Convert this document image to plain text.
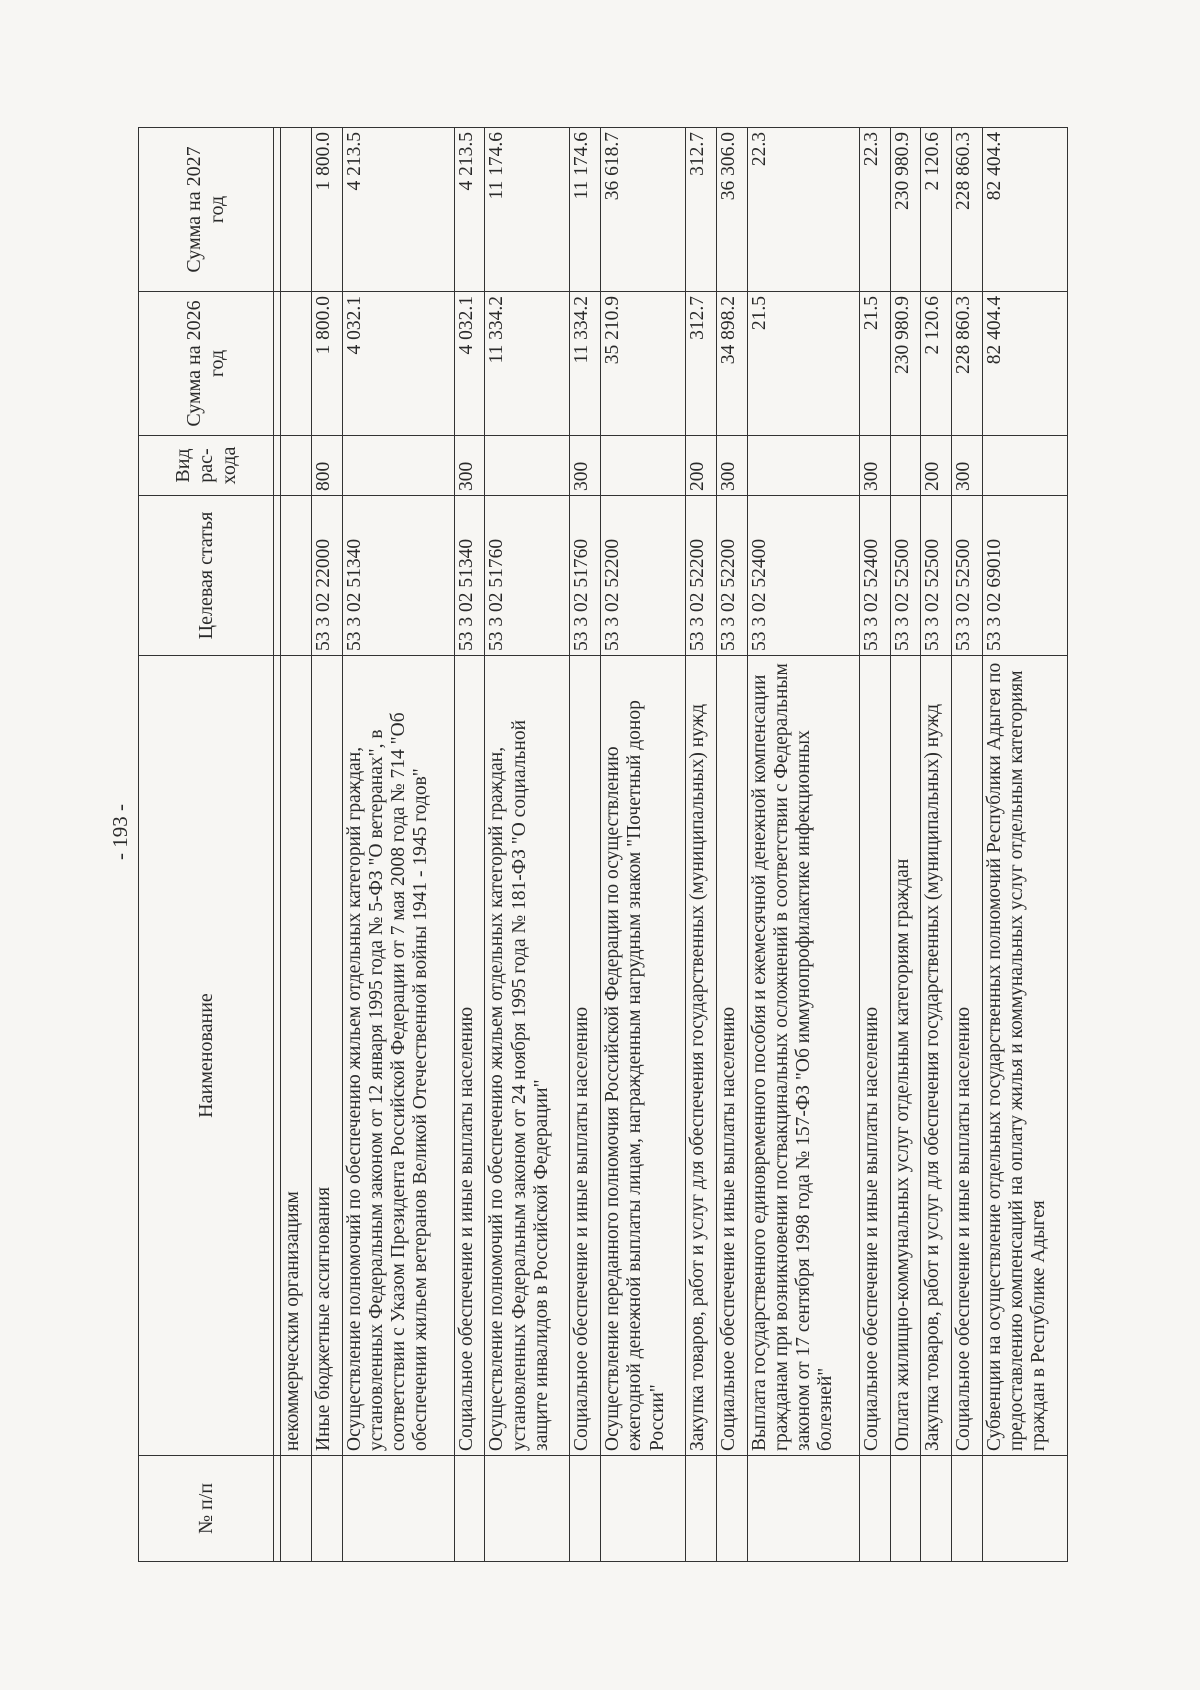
- 193 -
№ п/п	Наименование	Целевая статья	Вид рас-хода	Сумма на 2026 год	Сумма на 2027 год

	некоммерческим организациям				
	Иные бюджетные ассигнования	53 3 02 22000	800	1 800.0	1 800.0
	Осуществление полномочий по обеспечению жильем отдельных категорий граждан, установленных Федеральным законом от 12 января 1995 года № 5-ФЗ "О ветеранах", в соответствии с Указом Президента Российской Федерации от 7 мая 2008 года № 714 "Об обеспечении жильем ветеранов Великой Отечественной войны 1941 - 1945 годов"	53 3 02 51340		4 032.1	4 213.5
	Социальное обеспечение и иные выплаты населению	53 3 02 51340	300	4 032.1	4 213.5
	Осуществление полномочий по обеспечению жильем отдельных категорий граждан, установленных Федеральным законом от 24 ноября 1995 года № 181-ФЗ "О социальной защите инвалидов в Российской Федерации"	53 3 02 51760		11 334.2	11 174.6
	Социальное обеспечение и иные выплаты населению	53 3 02 51760	300	11 334.2	11 174.6
	Осуществление переданного полномочия Российской Федерации по осуществлению ежегодной денежной выплаты лицам, награжденным нагрудным знаком "Почетный донор России"	53 3 02 52200		35 210.9	36 618.7
	Закупка товаров, работ и услуг для обеспечения государственных (муниципальных) нужд	53 3 02 52200	200	312.7	312.7
	Социальное обеспечение и иные выплаты населению	53 3 02 52200	300	34 898.2	36 306.0
	Выплата государственного единовременного пособия и ежемесячной денежной компенсации гражданам при возникновении поствакцинальных осложнений в соответствии с Федеральным законом от 17 сентября 1998 года № 157-ФЗ "Об иммунопрофилактике инфекционных болезней"	53 3 02 52400		21.5	22.3
	Социальное обеспечение и иные выплаты населению	53 3 02 52400	300	21.5	22.3
	Оплата жилищно-коммунальных услуг отдельным категориям граждан	53 3 02 52500		230 980.9	230 980.9
	Закупка товаров, работ и услуг для обеспечения государственных (муниципальных) нужд	53 3 02 52500	200	2 120.6	2 120.6
	Социальное обеспечение и иные выплаты населению	53 3 02 52500	300	228 860.3	228 860.3
	Субвенции на осуществление отдельных государственных полномочий Республики Адыгея по предоставлению компенсаций на оплату жилья и коммунальных услуг отдельным категориям граждан в Республике Адыгея	53 3 02 69010		82 404.4	82 404.4
